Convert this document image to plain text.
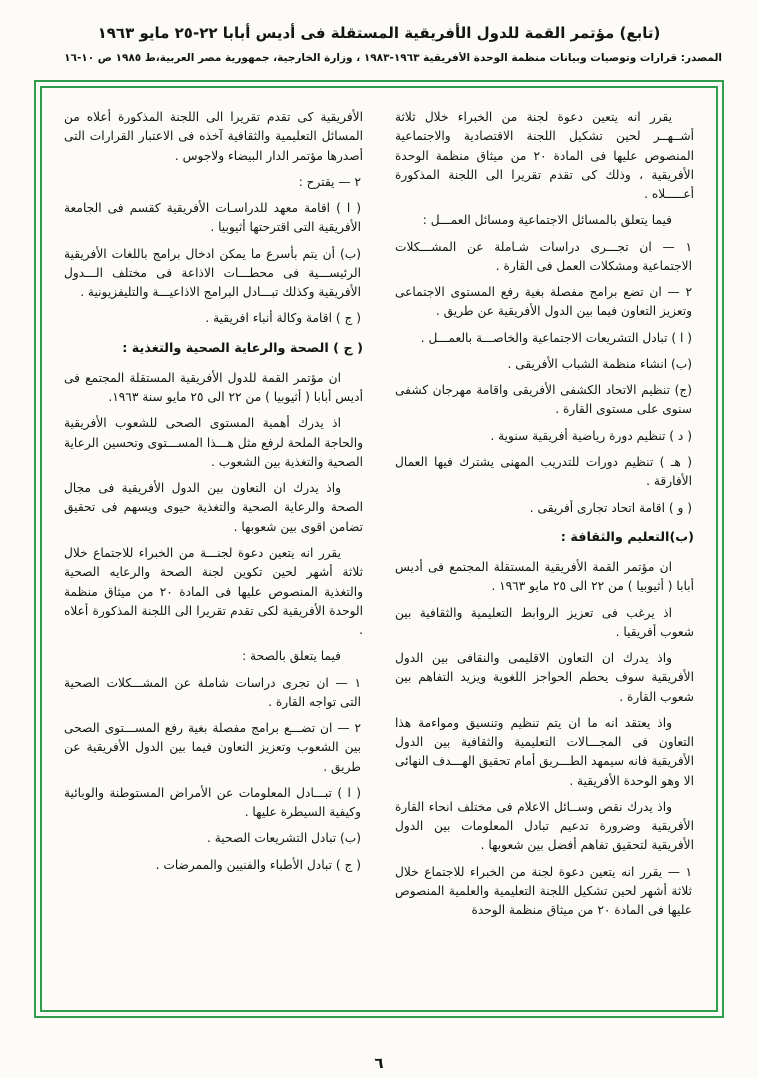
(تابع) مؤتمر القمة للدول الأفريقية المستقلة فى أديس أبابا ٢٢-٢٥ مايو ١٩٦٣
المصدر: قرارات وتوصيات وبيانات منظمة الوحدة الأفريقية ١٩٦٣-١٩٨٣ ، وزارة الخارجية، جمهورية مصر العربية،ط ١٩٨٥ ص ١٠-١٦

يقرر انه يتعين دعوة لجنة من الخبراء خلال ثلاثة أشــهــر لحين تشكيل اللجنة الاقتصادية والاجتماعية المنصوص عليها فى المادة ٢٠ من ميثاق منظمة الوحدة الأفريقية ، وذلك كى تقدم تقريرا الى اللجنة المذكورة أعـــــلاه .

فيما يتعلق بالمسائل الاجتماعية ومسائل العمـــل :

١ — ان تجـــرى دراسات شـاملة عن المشـــكلات الاجتماعية ومشكلات العمل فى القارة .

٢ — ان تضع برامج مفصلة بغية رفع المستوى الاجتماعى وتعزيز التعاون فيما بين الدول الأفريقية عن طريق .

( ا ) تبادل التشريعات الاجتماعية والخاصـــة بالعمـــل .

(ب) انشاء منظمة الشباب الأفريقى .

(ج) تنظيم الاتحاد الكشفى الأفريقى واقامة مهرجان كشفى سنوى على مستوى القارة .

( د ) تنظيم دورة رياضية أفريقية سنوية .

( هـ ) تنظيم دورات للتدريب المهنى يشترك فيها العمال الأفارقة .

( و ) اقامة اتحاد تجارى أفريقى .

(ب)التعليم والثقافة :

ان مؤتمر القمة الأفريقية المستقلة المجتمع فى أديس أبابا ( أثيوبيا ) من ٢٢ الى ٢٥ مايو ١٩٦٣ .

اذ يرغب فى تعزيز الروابط التعليمية والثقافية بين شعوب أفريقيا .

واذ يدرك ان التعاون الاقليمى والنقافى بين الدول الأفريقية سوف يحطم الحواجز اللغوية ويزيد التفاهم بين شعوب القارة .

واذ يعتقد انه ما ان يتم تنظيم وتنسيق ومواءمة هذا التعاون فى المجـــالات التعليمية والثقافية بين الدول الأفريقية فانه سيمهد الطـــريق أمام تحقيق الهـــدف النهائى الا وهو الوحدة الأفريقية .

واذ يدرك نقص وســائل الاعلام فى مختلف انحاء القارة الأفريقية وضرورة تدعيم تبادل المعلومات بين الدول الأفريقية لتحقيق تفاهم أفضل بين شعوبها .

١ — يقرر انه يتعين دعوة لجنة من الخبراء للاجتماع خلال ثلاثة أشهر لحين تشكيل اللجنة التعليمية والعلمية المنصوص عليها فى المادة ٢٠ من ميثاق منظمة الوحدة

الأفريقية كى تقدم تقريرا الى اللجنة المذكورة أعلاه من المسائل التعليمية والثقافية آخذه فى الاعتبار القرارات التى أصدرها مؤتمر الدار البيضاء ولاجوس .

٢ — يقترح :

( ا ) اقامة معهد للدراسـات الأفريقية كقسم فى الجامعة الأفريقية التى اقترحتها أثيوبيا .

(ب) أن يتم بأسرع ما يمكن ادخال برامج باللغات الأفريقية الرئيســـية فى محطـــات الاذاعة فى مختلف الـــدول الأفريقية وكذلك تبـــادل البرامج الاذاعيـــة والتليفزيونية .

( ج ) اقامة وكالة أنباء افريقية .

( ج ) الصحة والرعاية الصحية والتغذية :

ان مؤتمر القمة للدول الأفريقية المستقلة المجتمع فى أديس أبابا ( أثيوبيا ) من ٢٢ الى ٢٥ مايو سنة ١٩٦٣.

اذ يدرك أهمية المستوى الصحى للشعوب الأفريقية والحاجة الملحة لرفع مثل هـــذا المســـتوى وتحسين الرعاية الصحية والتغذية بين الشعوب .

واذ يدرك ان التعاون بين الدول الأفريقية فى مجال الصحة والرعاية الصحية والتغذية حيوى ويسهم فى تحقيق تضامن اقوى بين شعوبها .

يقرر انه يتعين دعوة لجنـــة من الخبراء للاجتماع خلال ثلاثة أشهر لحين تكوين لجنة الصحة والرعايه الصحية والتغذية المنصوص عليها فى المادة ٢٠ من ميثاق منظمة الوحدة الأفريقية لكى تقدم تقريرا الى اللجنة المذكورة أعلاه .

فيما يتعلق بالصحة :

١ — ان تجرى دراسات شاملة عن المشـــكلات الصحية التى تواجه القارة .

٢ — ان تضـــع برامج مفصلة بغية رفع المســـتوى الصحى بين الشعوب وتعزيز التعاون فيما بين الدول الأفريقية عن طريق .

( ا ) تبـــادل المعلومات عن الأمراض المستوطنة والوبائية وكيفية السيطرة عليها .

(ب) تبادل التشريعات الصحية .

( ج ) تبادل الأطباء والفنيين والممرضات .

٦
